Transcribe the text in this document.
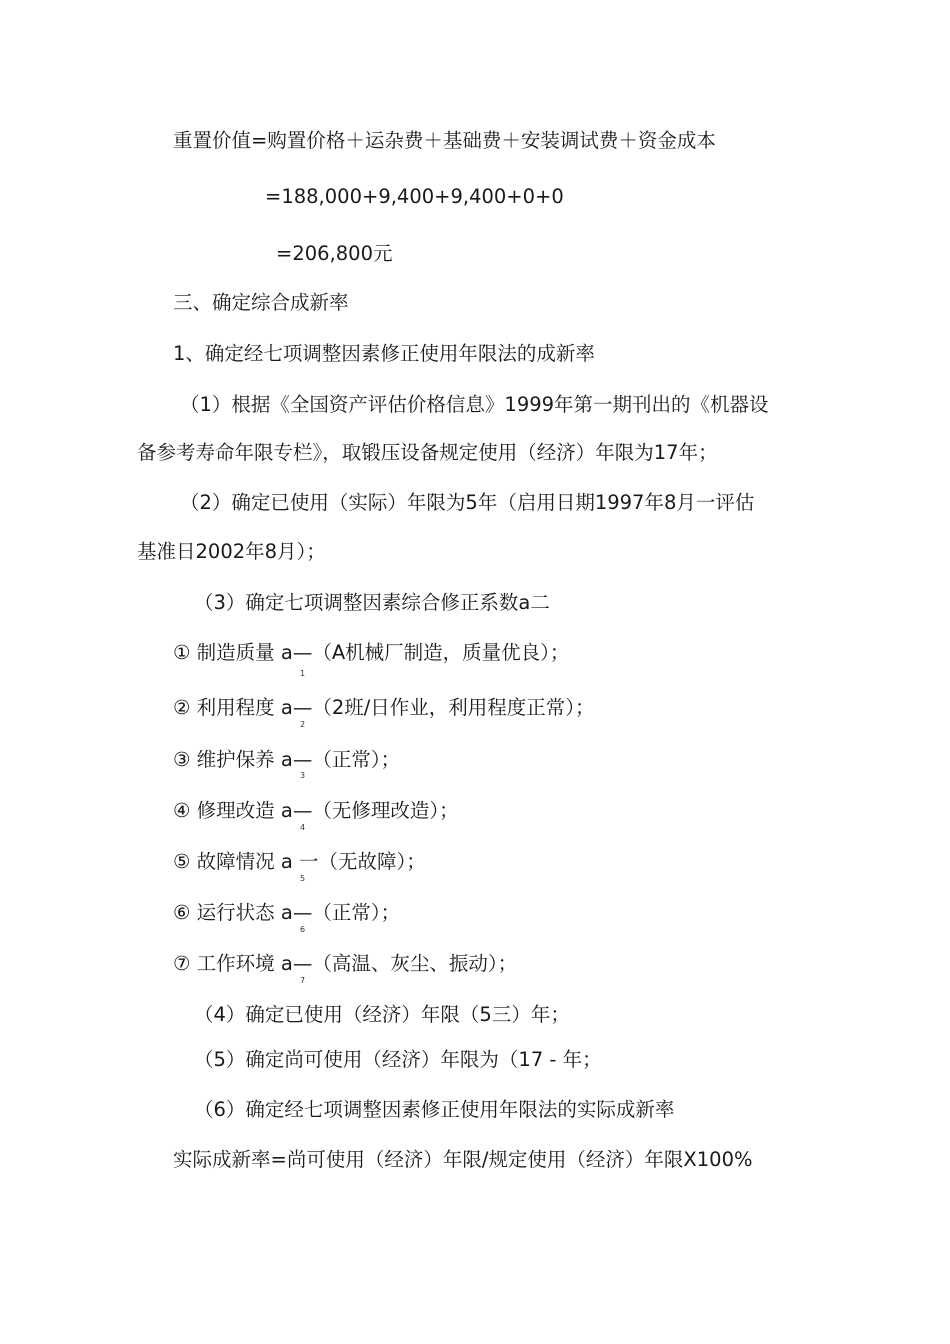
重置价值=购置价格＋运杂费＋基础费＋安装调试费＋资金成本
=188,000+9,400+9,400+0+0
=206,800元
三、确定综合成新率
1、确定经七项调整因素修正使用年限法的成新率
（1）根据《全国资产评估价格信息》1999年第一期刊出的《机器设
备参考寿命年限专栏》，取锻压设备规定使用（经济）年限为17年；
（2）确定已使用（实际）年限为5年（启用日期1997年8月一评估
基准日2002年8月）；
（3）确定七项调整因素综合修正系数a二
① 制造质量 a—（A机械厂制造，质量优良）；
1
② 利用程度 a—（2班/日作业，利用程度正常）；
2
③ 维护保养 a—（正常）；
3
④ 修理改造 a—（无修理改造）；
4
⑤ 故障情况 a 一（无故障）；
5
⑥ 运行状态 a—（正常）；
6
⑦ 工作环境 a—（高温、灰尘、振动）；
7
（4）确定已使用（经济）年限（5三）年；
（5）确定尚可使用（经济）年限为（17 - 年；
（6）确定经七项调整因素修正使用年限法的实际成新率
实际成新率=尚可使用（经济）年限/规定使用（经济）年限X100%
